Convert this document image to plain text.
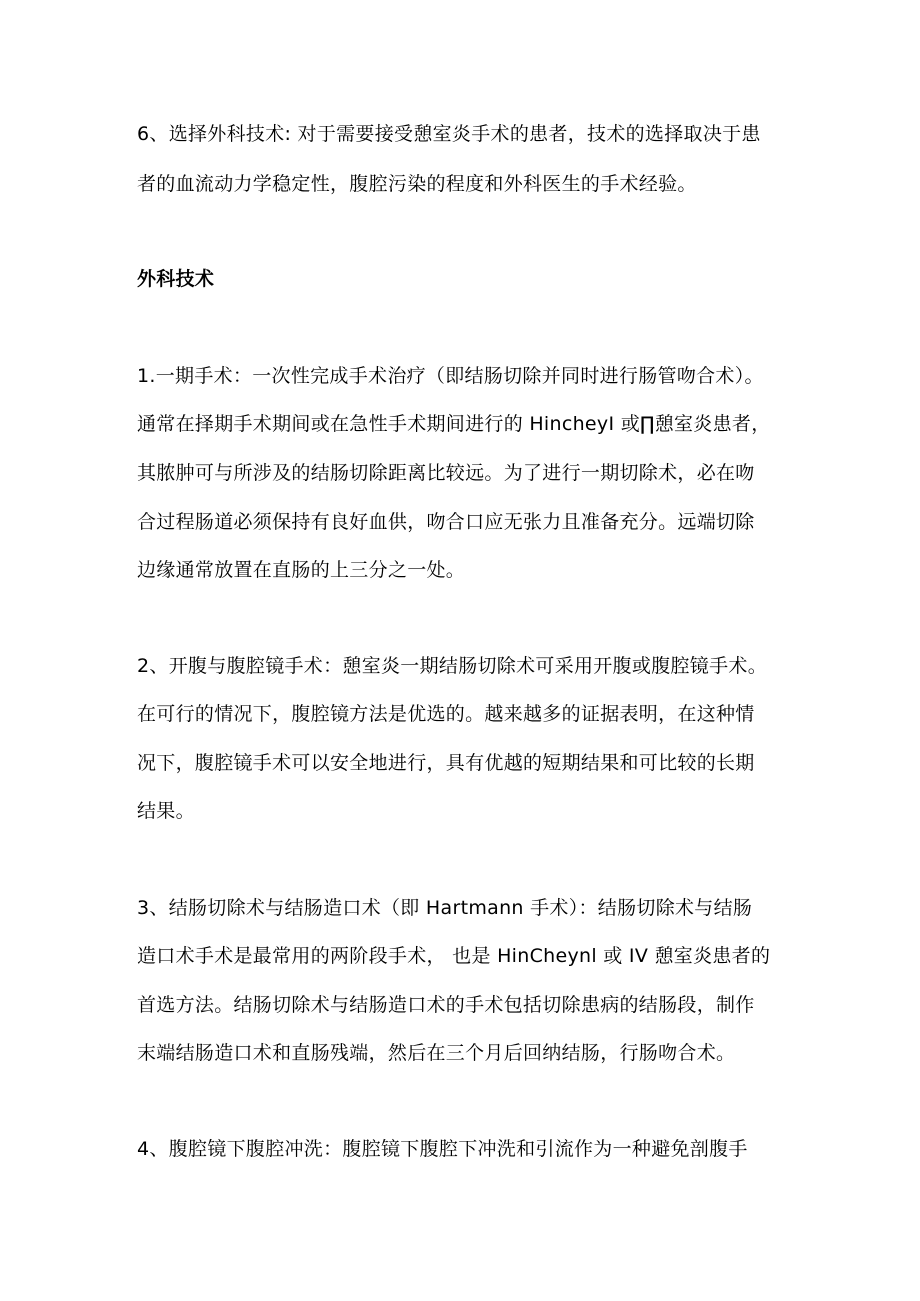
6、选择外科技术: 对于需要接受憩室炎手术的患者，技术的选择取决于患
者的血流动力学稳定性，腹腔污染的程度和外科医生的手术经验。
外科技术
1.一期手术：一次性完成手术治疗（即结肠切除并同时进行肠管吻合术）。
通常在择期手术期间或在急性手术期间进行的 HincheyI 或∏憩室炎患者，
其脓肿可与所涉及的结肠切除距离比较远。为了进行一期切除术，必在吻
合过程肠道必须保持有良好血供，吻合口应无张力且准备充分。远端切除
边缘通常放置在直肠的上三分之一处。
2、开腹与腹腔镜手术：憩室炎一期结肠切除术可采用开腹或腹腔镜手术。
在可行的情况下，腹腔镜方法是优选的。越来越多的证据表明，在这种情
况下，腹腔镜手术可以安全地进行，具有优越的短期结果和可比较的长期
结果。
3、结肠切除术与结肠造口术（即 Hartmann 手术）：结肠切除术与结肠
造口术手术是最常用的两阶段手术， 也是 HinCheynl 或 IV 憩室炎患者的
首选方法。结肠切除术与结肠造口术的手术包括切除患病的结肠段，制作
末端结肠造口术和直肠残端，然后在三个月后回纳结肠，行肠吻合术。
4、腹腔镜下腹腔冲洗：腹腔镜下腹腔下冲洗和引流作为一种避免剖腹手
